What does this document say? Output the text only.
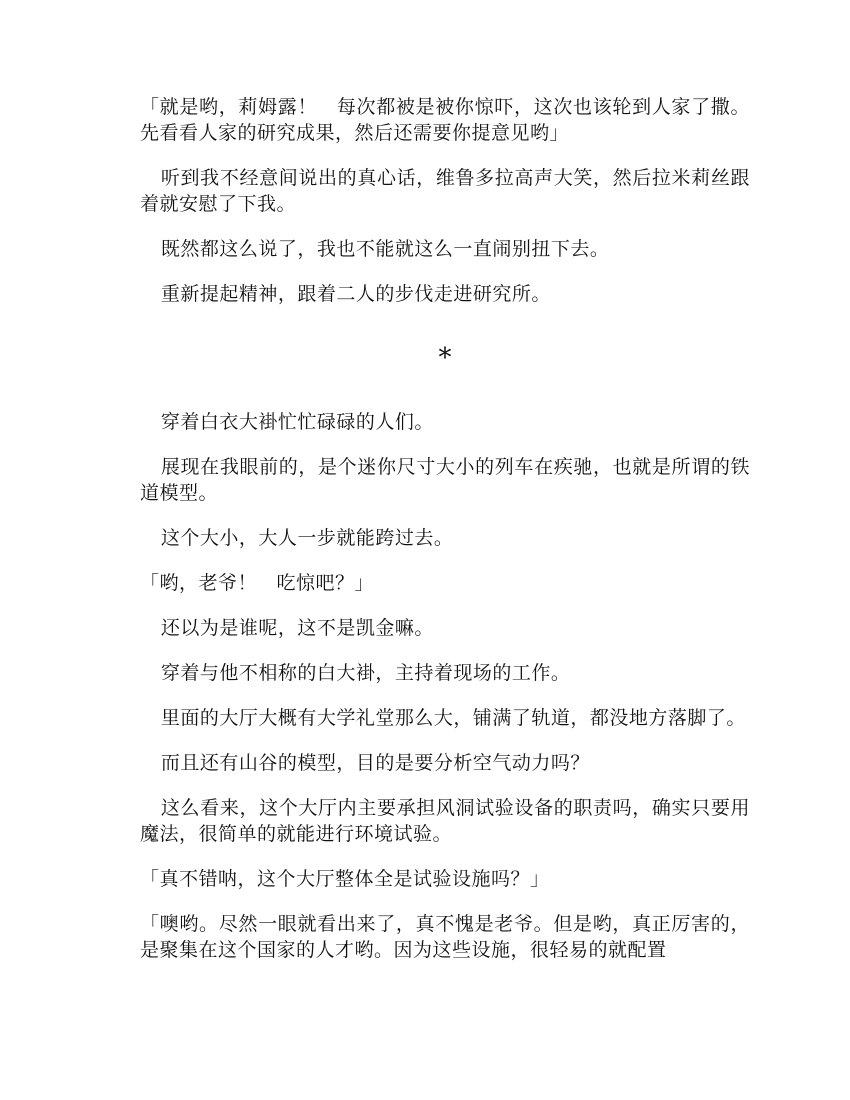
「就是哟，莉姆露！　每次都被是被你惊吓，这次也该轮到人家了撒。先看看人家的研究成果，然后还需要你提意见哟」

听到我不经意间说出的真心话，维鲁多拉高声大笑，然后拉米莉丝跟着就安慰了下我。

既然都这么说了，我也不能就这么一直闹别扭下去。

重新提起精神，跟着二人的步伐走进研究所。

*

穿着白衣大褂忙忙碌碌的人们。

展现在我眼前的，是个迷你尺寸大小的列车在疾驰，也就是所谓的铁道模型。

这个大小，大人一步就能跨过去。

「哟，老爷！　吃惊吧？」

还以为是谁呢，这不是凯金嘛。

穿着与他不相称的白大褂，主持着现场的工作。

里面的大厅大概有大学礼堂那么大，铺满了轨道，都没地方落脚了。

而且还有山谷的模型，目的是要分析空气动力吗？

这么看来，这个大厅内主要承担风洞试验设备的职责吗，确实只要用魔法，很简单的就能进行环境试验。

「真不错呐，这个大厅整体全是试验设施吗？」

「噢哟。尽然一眼就看出来了，真不愧是老爷。但是哟，真正厉害的，是聚集在这个国家的人才哟。因为这些设施，很轻易的就配置
